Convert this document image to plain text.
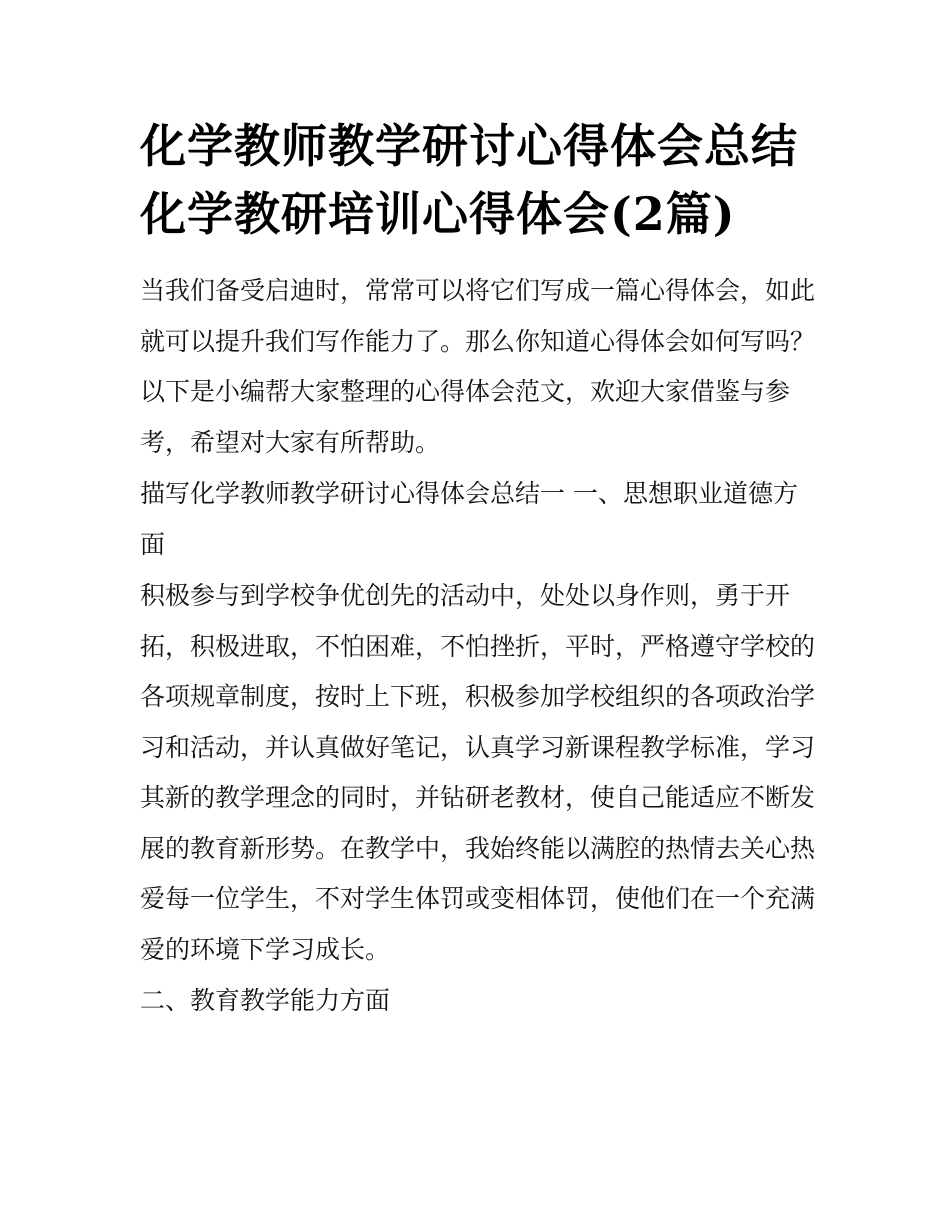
化学教师教学研讨心得体会总结 化学教研培训心得体会(2篇)

当我们备受启迪时，常常可以将它们写成一篇心得体会，如此就可以提升我们写作能力了。那么你知道心得体会如何写吗？以下是小编帮大家整理的心得体会范文，欢迎大家借鉴与参考，希望对大家有所帮助。

描写化学教师教学研讨心得体会总结一 一、思想职业道德方面

积极参与到学校争优创先的活动中，处处以身作则，勇于开拓，积极进取，不怕困难，不怕挫折，平时，严格遵守学校的各项规章制度，按时上下班，积极参加学校组织的各项政治学习和活动，并认真做好笔记，认真学习新课程教学标准，学习其新的教学理念的同时，并钻研老教材，使自己能适应不断发展的教育新形势。在教学中，我始终能以满腔的热情去关心热爱每一位学生，不对学生体罚或变相体罚，使他们在一个充满爱的环境下学习成长。

二、教育教学能力方面
